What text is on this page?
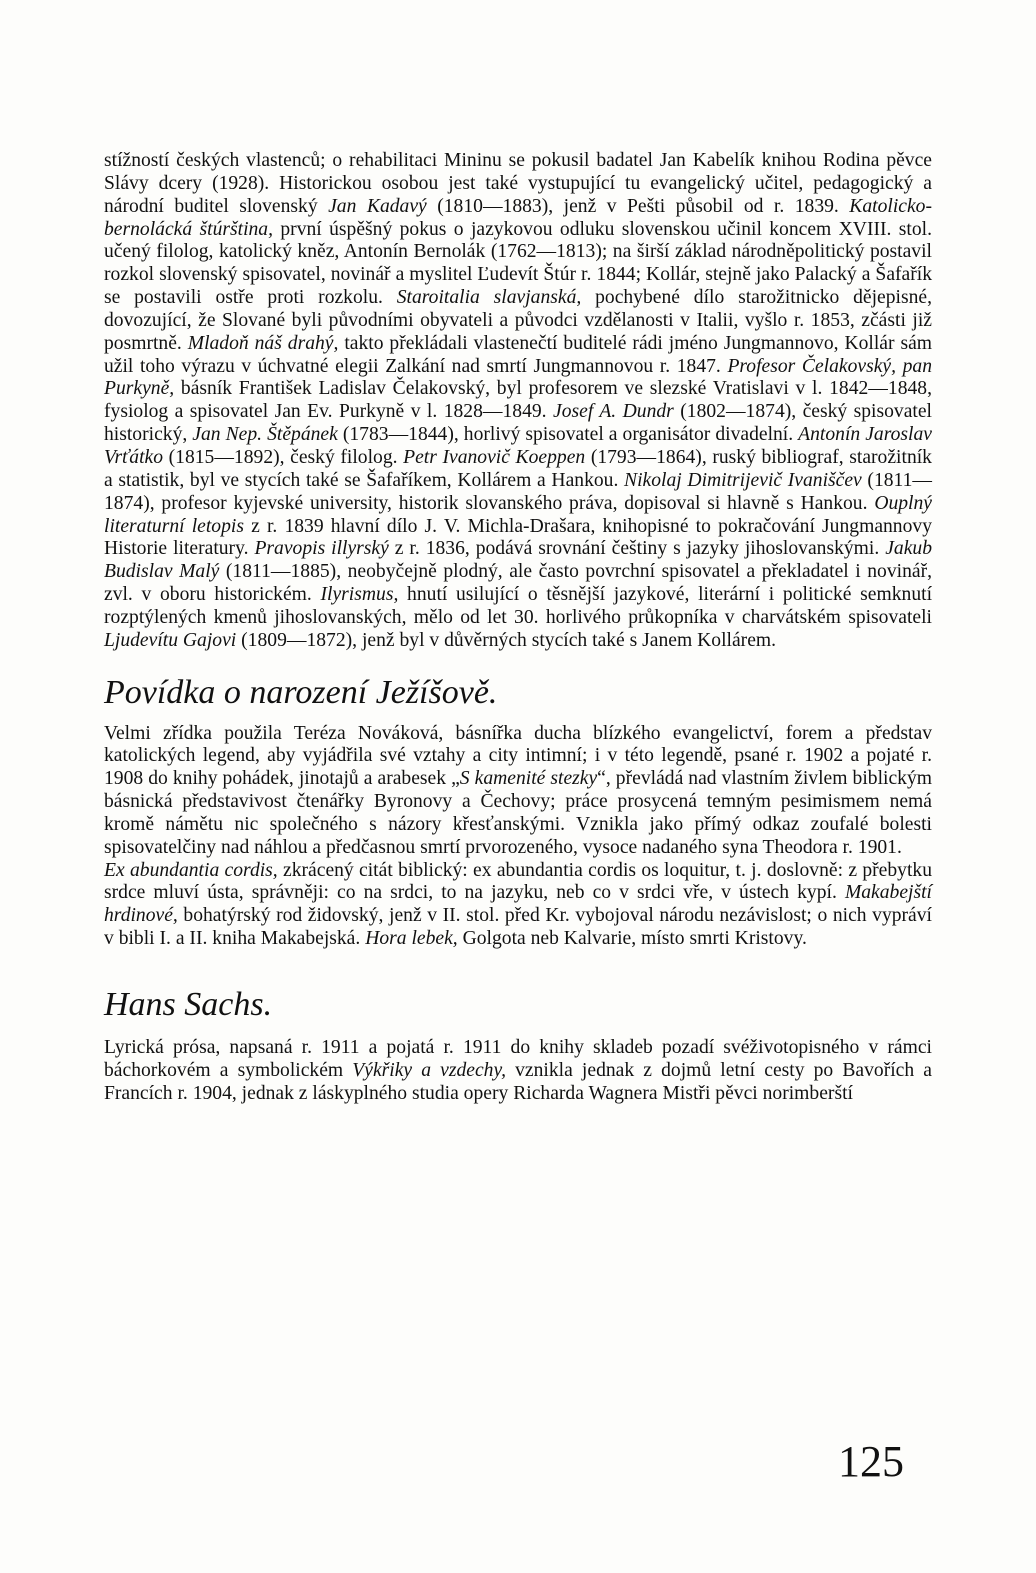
stížností českých vlastenců; o rehabilitaci Mininu se pokusil badatel Jan Kabelík knihou Rodina pěvce Slávy dcery (1928). Historickou osobou jest také vystupující tu evangelický učitel, pedagogický a národní buditel slovenský Jan Kadavý (1810—1883), jenž v Pešti působil od r. 1839. Katolicko-bernolácká štúrština, první úspěšný pokus o jazykovou odluku slovenskou učinil koncem XVIII. stol. učený filolog, katolický kněz, Antonín Bernolák (1762—1813); na širší základ národněpolitický postavil rozkol slovenský spisovatel, novinář a myslitel Ľudevít Štúr r. 1844; Kollár, stejně jako Palacký a Šafařík se postavili ostře proti rozkolu. Staroitalia slavjanská, pochybené dílo starožitnicko dějepisné, dovozující, že Slované byli původními obyvateli a původci vzdělanosti v Italii, vyšlo r. 1853, zčásti již posmrtně. Mladoň náš drahý, takto překládali vlastenečtí buditelé rádi jméno Jungmannovo, Kollár sám užil toho výrazu v úchvatné elegii Zalkání nad smrtí Jungmannovou r. 1847. Profesor Čelakovský, pan Purkyně, básník František Ladislav Čelakovský, byl profesorem ve slezské Vratislavi v l. 1842—1848, fysiolog a spisovatel Jan Ev. Purkyně v l. 1828—1849. Josef A. Dundr (1802—1874), český spisovatel historický, Jan Nep. Štěpánek (1783—1844), horlivý spisovatel a organisátor divadelní. Antonín Jaroslav Vrťátko (1815—1892), český filolog. Petr Ivanovič Koeppen (1793—1864), ruský bibliograf, starožitník a statistik, byl ve stycích také se Šafaříkem, Kollárem a Hankou. Nikolaj Dimitrijevič Ivaniščev (1811—1874), profesor kyjevské university, historik slovanského práva, dopisoval si hlavně s Hankou. Ouplný literaturní letopis z r. 1839 hlavní dílo J. V. Michla-Drašara, knihopisné to pokračování Jungmannovy Historie literatury. Pravopis illyrský z r. 1836, podává srovnání češtiny s jazyky jihoslovanskými. Jakub Budislav Malý (1811—1885), neobyčejně plodný, ale často povrchní spisovatel a překladatel i novinář, zvl. v oboru historickém. Ilyrismus, hnutí usilující o těsnější jazykové, literární i politické semknutí rozptýlených kmenů jihoslovanských, mělo od let 30. horlivého průkopníka v charvátském spisovateli Ljudevítu Gajovi (1809—1872), jenž byl v důvěrných stycích také s Janem Kollárem.

Povídka o narození Ježíšově.

Velmi zřídka použila Teréza Nováková, básnířka ducha blízkého evangelictví, forem a představ katolických legend, aby vyjádřila své vztahy a city intimní; i v této legendě, psané r. 1902 a pojaté r. 1908 do knihy pohádek, jinotajů a arabesek „S kamenité stezky“, převládá nad vlastním živlem biblickým básnická představivost čtenářky Byronovy a Čechovy; práce prosycená temným pesimismem nemá kromě námětu nic společného s názory křesťanskými. Vznikla jako přímý odkaz zoufalé bolesti spisovatelčiny nad náhlou a předčasnou smrtí prvorozeného, vysoce nadaného syna Theodora r. 1901.

Ex abundantia cordis, zkrácený citát biblický: ex abundantia cordis os loquitur, t. j. doslovně: z přebytku srdce mluví ústa, správněji: co na srdci, to na jazyku, neb co v srdci vře, v ústech kypí. Makabejští hrdinové, bohatýrský rod židovský, jenž v II. stol. před Kr. vybojoval národu nezávislost; o nich vypráví v bibli I. a II. kniha Makabejská. Hora lebek, Golgota neb Kalvarie, místo smrti Kristovy.

Hans Sachs.

Lyrická prósa, napsaná r. 1911 a pojatá r. 1911 do knihy skladeb pozadí svéživotopisného v rámci báchorkovém a symbolickém Výkřiky a vzdechy, vznikla jednak z dojmů letní cesty po Bavořích a Francích r. 1904, jednak z láskyplného studia opery Richarda Wagnera Mistři pěvci norimberští

125
